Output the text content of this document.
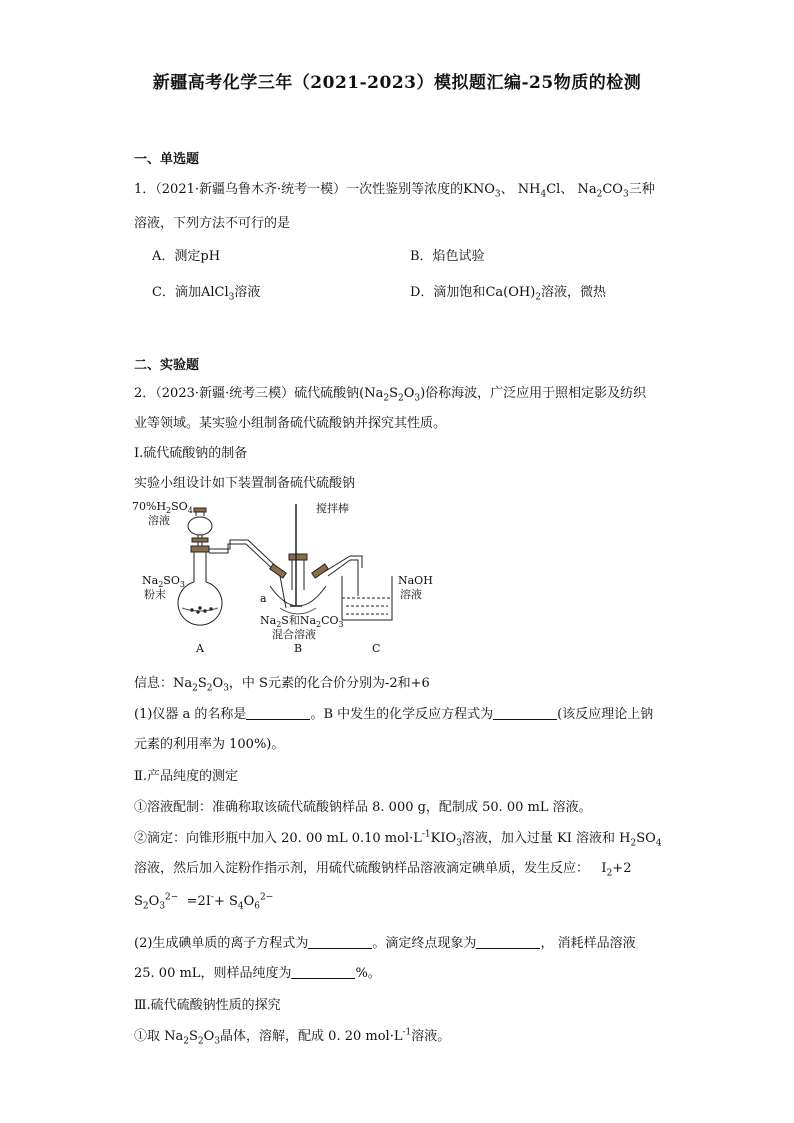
新疆高考化学三年（2021-2023）模拟题汇编-25物质的检测
一、单选题
1．（2021·新疆乌鲁木齐·统考一模）一次性鉴别等浓度的$KNO_3$、 $NH_4Cl$、 $Na_2CO_3$三种
溶液，下列方法不可行的是
A．测定pH	B．焰色试验
C．滴加AlCl$_3$溶液	D．滴加饱和$Ca(OH)_2$溶液，微热
二、实验题
2．（2023·新疆·统考三模）硫代硫酸钠$(Na_2S_2O_3)$俗称海波，广泛应用于照相定影及纺织
业等领域。某实验小组制备硫代硫酸钠并探究其性质。
Ⅰ.硫代硫酸钠的制备
实验小组设计如下装置制备硫代硫酸钠
$70\%H_2SO_4$
溶液
搅拌棒
$Na_2SO_3$
粉末	a
$Na_2S$和$Na_2CO_3$
混合溶液
NaOH
溶液
A	B	C
信息：$Na_2S_2O_3$，中 S元素的化合价分别为-2和+6
(1)仪器 a 的名称是	。B 中发生的化学反应方程式为	(该反应理论上钠
元素的利用率为 100%)。
Ⅱ.产品纯度的测定
①溶液配制：准确称取该硫代硫酸钠样品 8. 000 g，配制成 50. 00 mL 溶液。
②滴定：向锥形瓶中加入 20. 00 mL 0.10 $mol\cdot L^{-1}KIO_3$溶液，加入过量 KI 溶液和 $H_2SO_4$
溶液，然后加入淀粉作指示剂，用硫代硫酸钠样品溶液滴定碘单质，发生反应： $I_2+2$
$S_2O_3^{2-} =2I^-+ S_4O_6^{2-}$
(2)生成碘单质的离子方程式为	。滴定终点现象为	， 消耗样品溶液
25. 00 mL，则样品纯度为	%。
Ⅲ.硫代硫酸钠性质的探究
①取 $Na_2S_2O_3$晶体，溶解，配成 0. 20 $mol\cdot L^{-1}$溶液。
